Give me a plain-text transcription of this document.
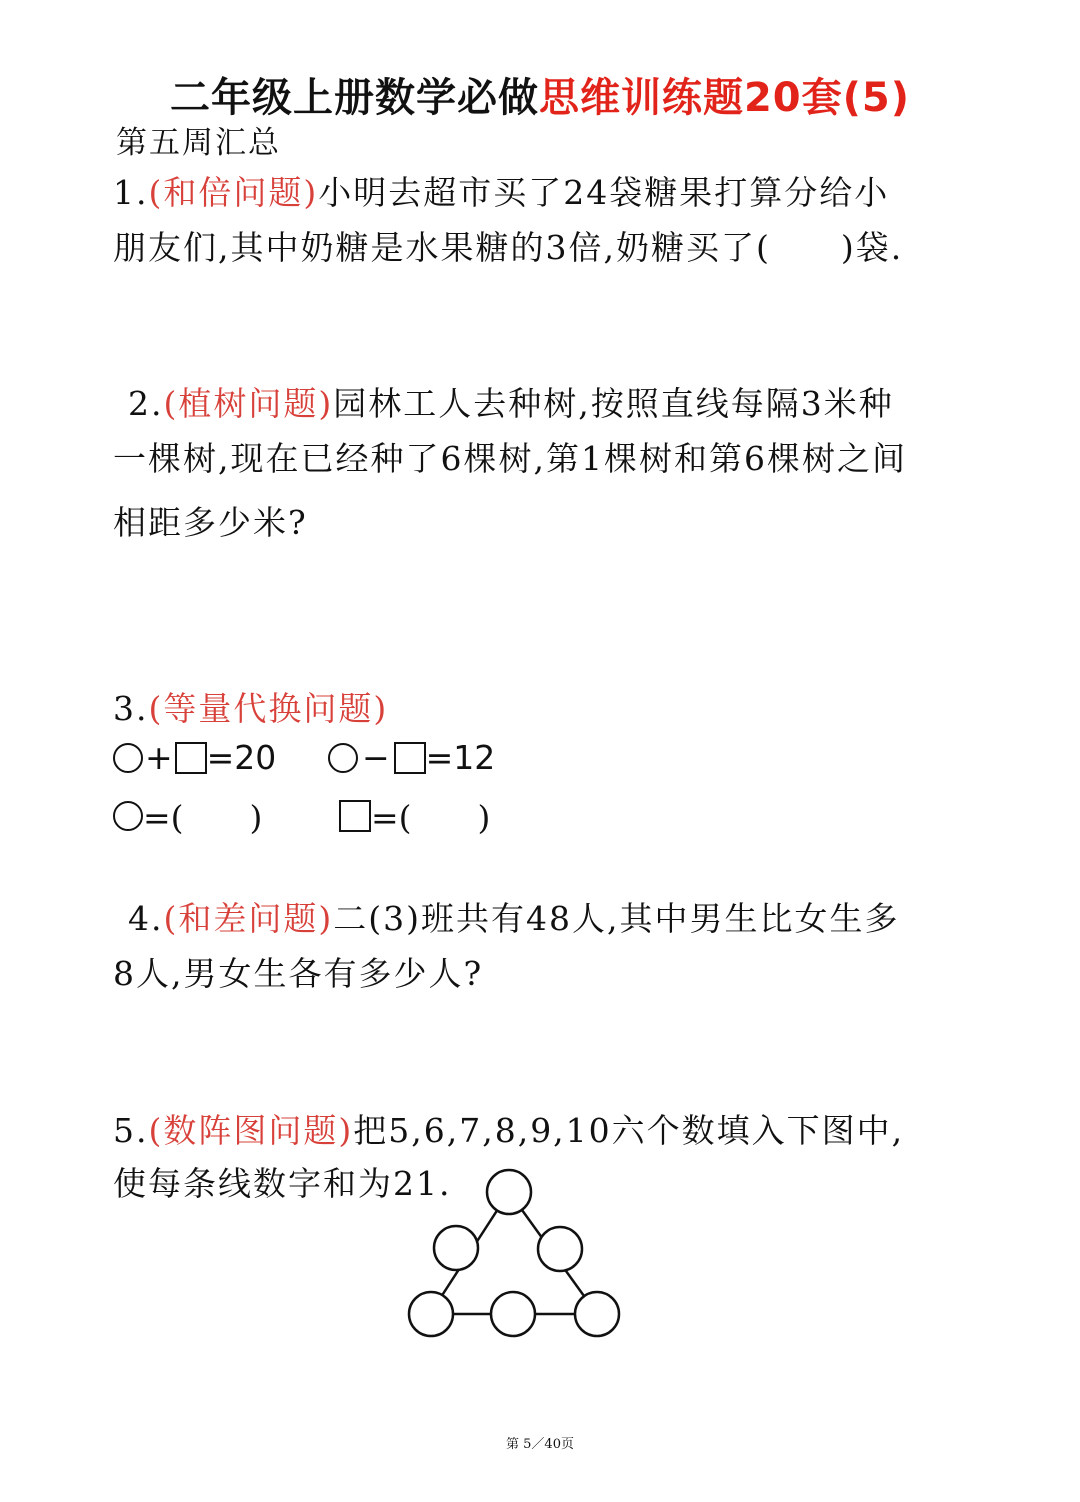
二年级上册数学必做思维训练题20套(5)
第五周汇总
1.(和倍问题)小明去超市买了24袋糖果打算分给小
朋友们,其中奶糖是水果糖的3倍,奶糖买了(　　)袋.
2.(植树问题)园林工人去种树,按照直线每隔3米种
一棵树,现在已经种了6棵树,第1棵树和第6棵树之间
相距多少米?
3.(等量代换问题)
+ =20	− =12
=(　　)	=(　　)
4.(和差问题)二(3)班共有48人,其中男生比女生多
8人,男女生各有多少人?
5.(数阵图问题)把5,6,7,8,9,10六个数填入下图中,
使每条线数字和为21.
第 5／40页
